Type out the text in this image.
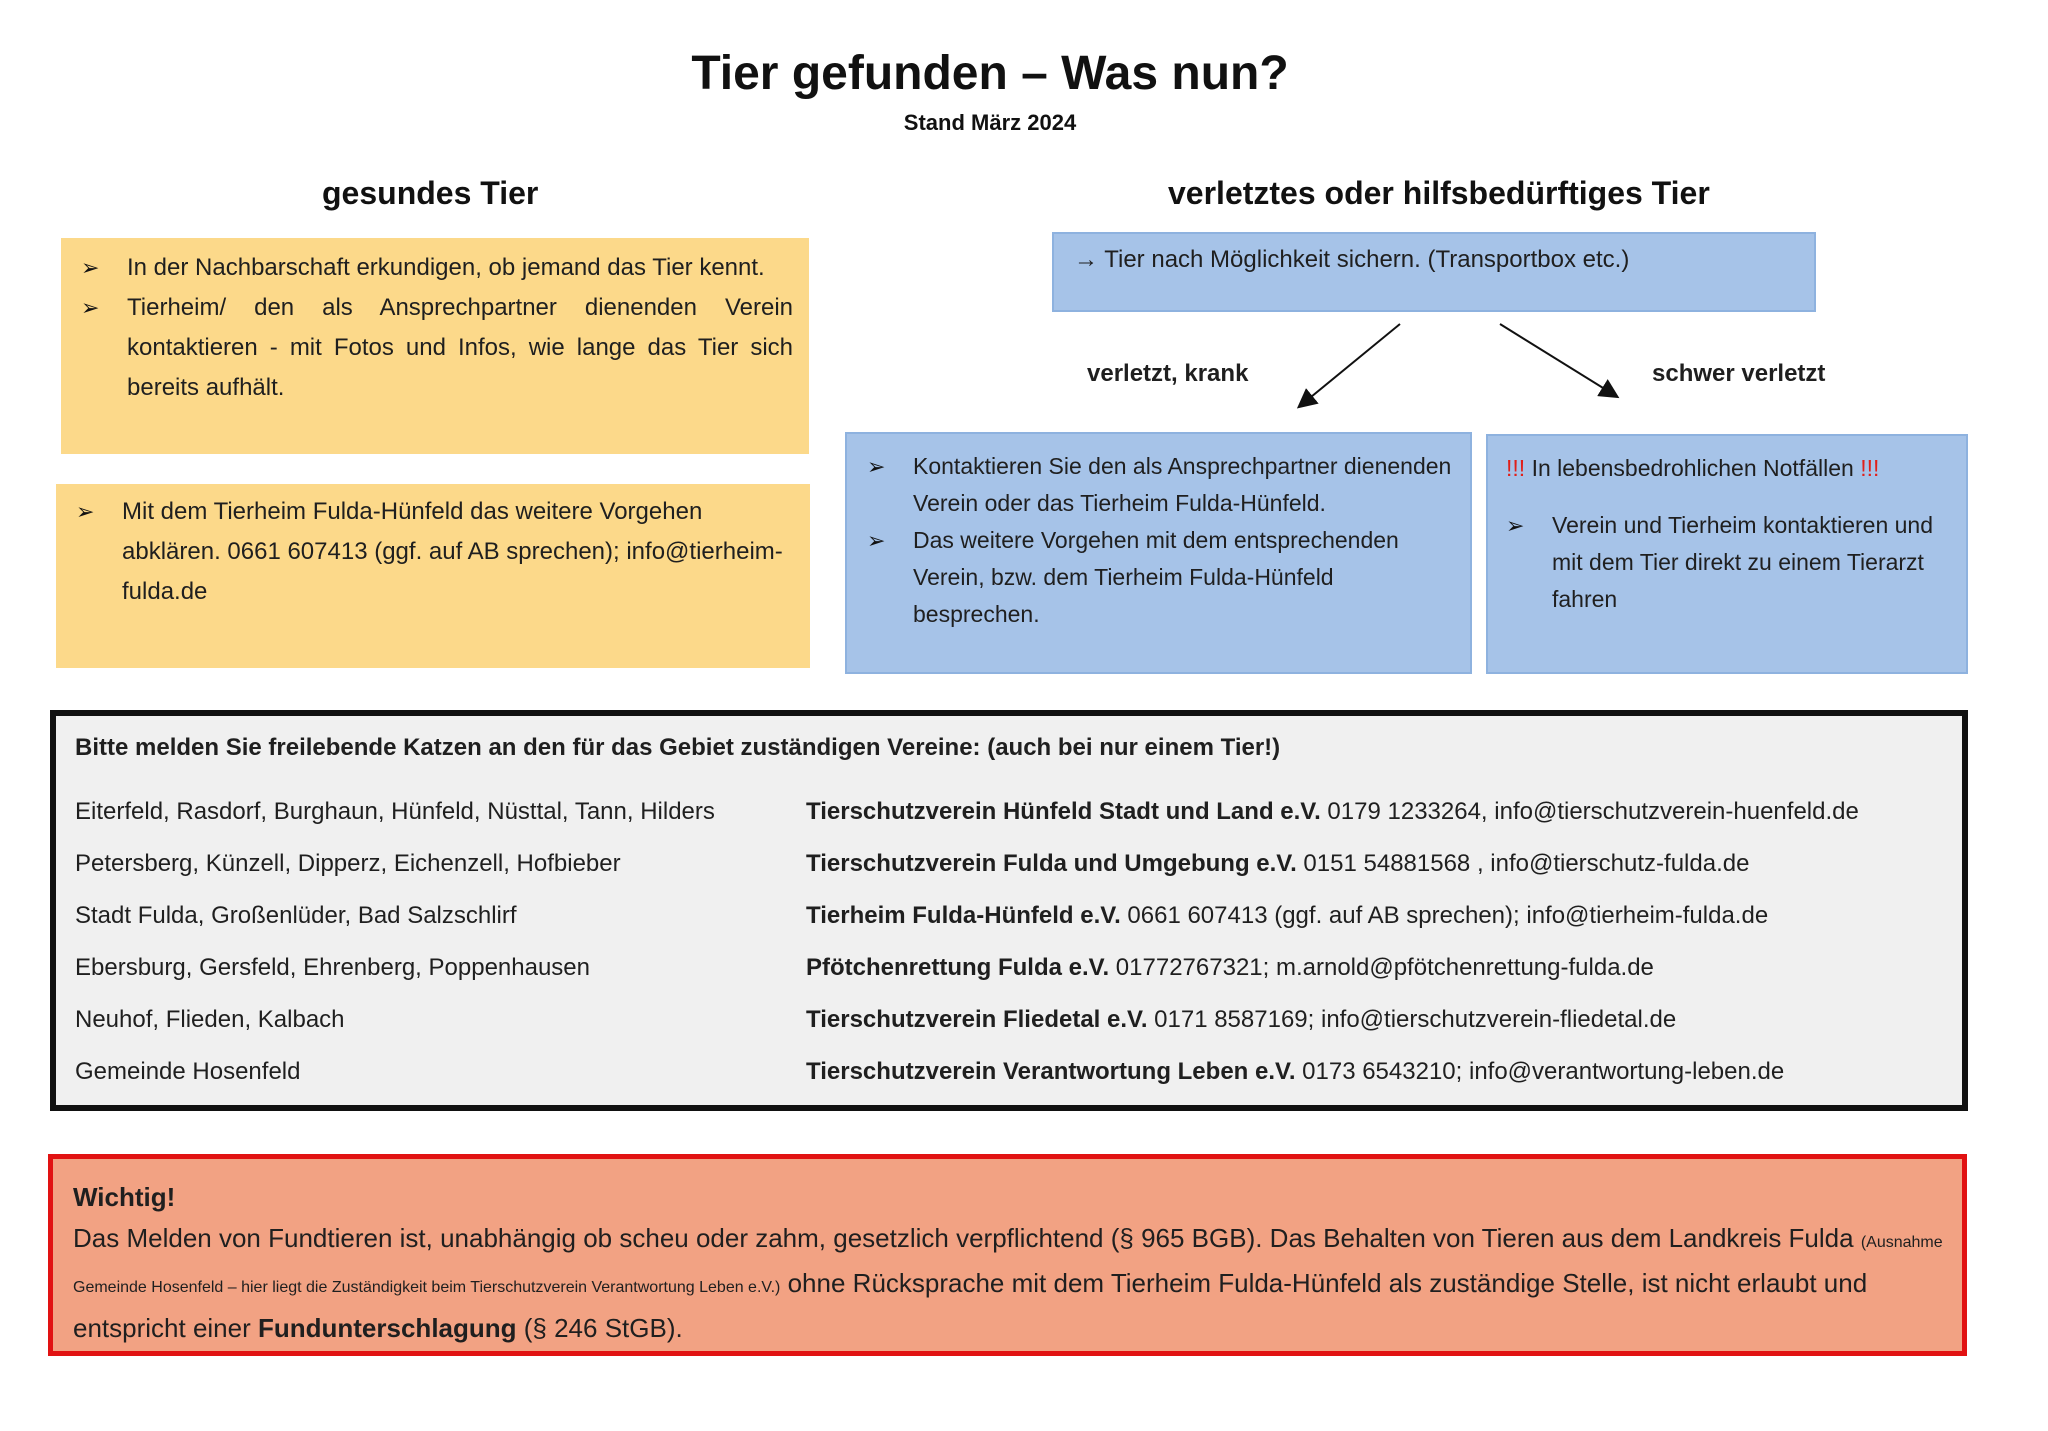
Tier gefunden – Was nun?
Stand März 2024
gesundes Tier	verletztes oder hilfsbedürftiges Tier
➢ In der Nachbarschaft erkundigen, ob jemand das Tier kennt.
➢ Tierheim/ den als Ansprechpartner dienenden Verein kontaktieren - mit Fotos und Infos, wie lange das Tier sich bereits aufhält.
➢ Mit dem Tierheim Fulda-Hünfeld das weitere Vorgehen abklären. 0661 607413 (ggf. auf AB sprechen); info@tierheim-fulda.de
→ Tier nach Möglichkeit sichern. (Transportbox etc.)
verletzt, krank	schwer verletzt
➢ Kontaktieren Sie den als Ansprechpartner dienenden Verein oder das Tierheim Fulda-Hünfeld.
➢ Das weitere Vorgehen mit dem entsprechenden Verein, bzw. dem Tierheim Fulda-Hünfeld besprechen.
!!! In lebensbedrohlichen Notfällen !!!
➢ Verein und Tierheim kontaktieren und mit dem Tier direkt zu einem Tierarzt fahren
Bitte melden Sie freilebende Katzen an den für das Gebiet zuständigen Vereine: (auch bei nur einem Tier!)
Eiterfeld, Rasdorf, Burghaun, Hünfeld, Nüsttal, Tann, Hilders	Tierschutzverein Hünfeld Stadt und Land e.V. 0179 1233264, info@tierschutzverein-huenfeld.de
Petersberg, Künzell, Dipperz, Eichenzell, Hofbieber	Tierschutzverein Fulda und Umgebung e.V. 0151 54881568 , info@tierschutz-fulda.de
Stadt Fulda, Großenlüder, Bad Salzschlirf	Tierheim Fulda-Hünfeld e.V. 0661 607413 (ggf. auf AB sprechen); info@tierheim-fulda.de
Ebersburg, Gersfeld, Ehrenberg, Poppenhausen	Pfötchenrettung Fulda e.V. 01772767321; m.arnold@pfötchenrettung-fulda.de
Neuhof, Flieden, Kalbach	Tierschutzverein Fliedetal e.V. 0171 8587169; info@tierschutzverein-fliedetal.de
Gemeinde Hosenfeld	Tierschutzverein Verantwortung Leben e.V. 0173 6543210; info@verantwortung-leben.de
Wichtig!
Das Melden von Fundtieren ist, unabhängig ob scheu oder zahm, gesetzlich verpflichtend (§ 965 BGB). Das Behalten von Tieren aus dem Landkreis Fulda (Ausnahme Gemeinde Hosenfeld – hier liegt die Zuständigkeit beim Tierschutzverein Verantwortung Leben e.V.) ohne Rücksprache mit dem Tierheim Fulda-Hünfeld als zuständige Stelle, ist nicht erlaubt und entspricht einer Fundunterschlagung (§ 246 StGB).
